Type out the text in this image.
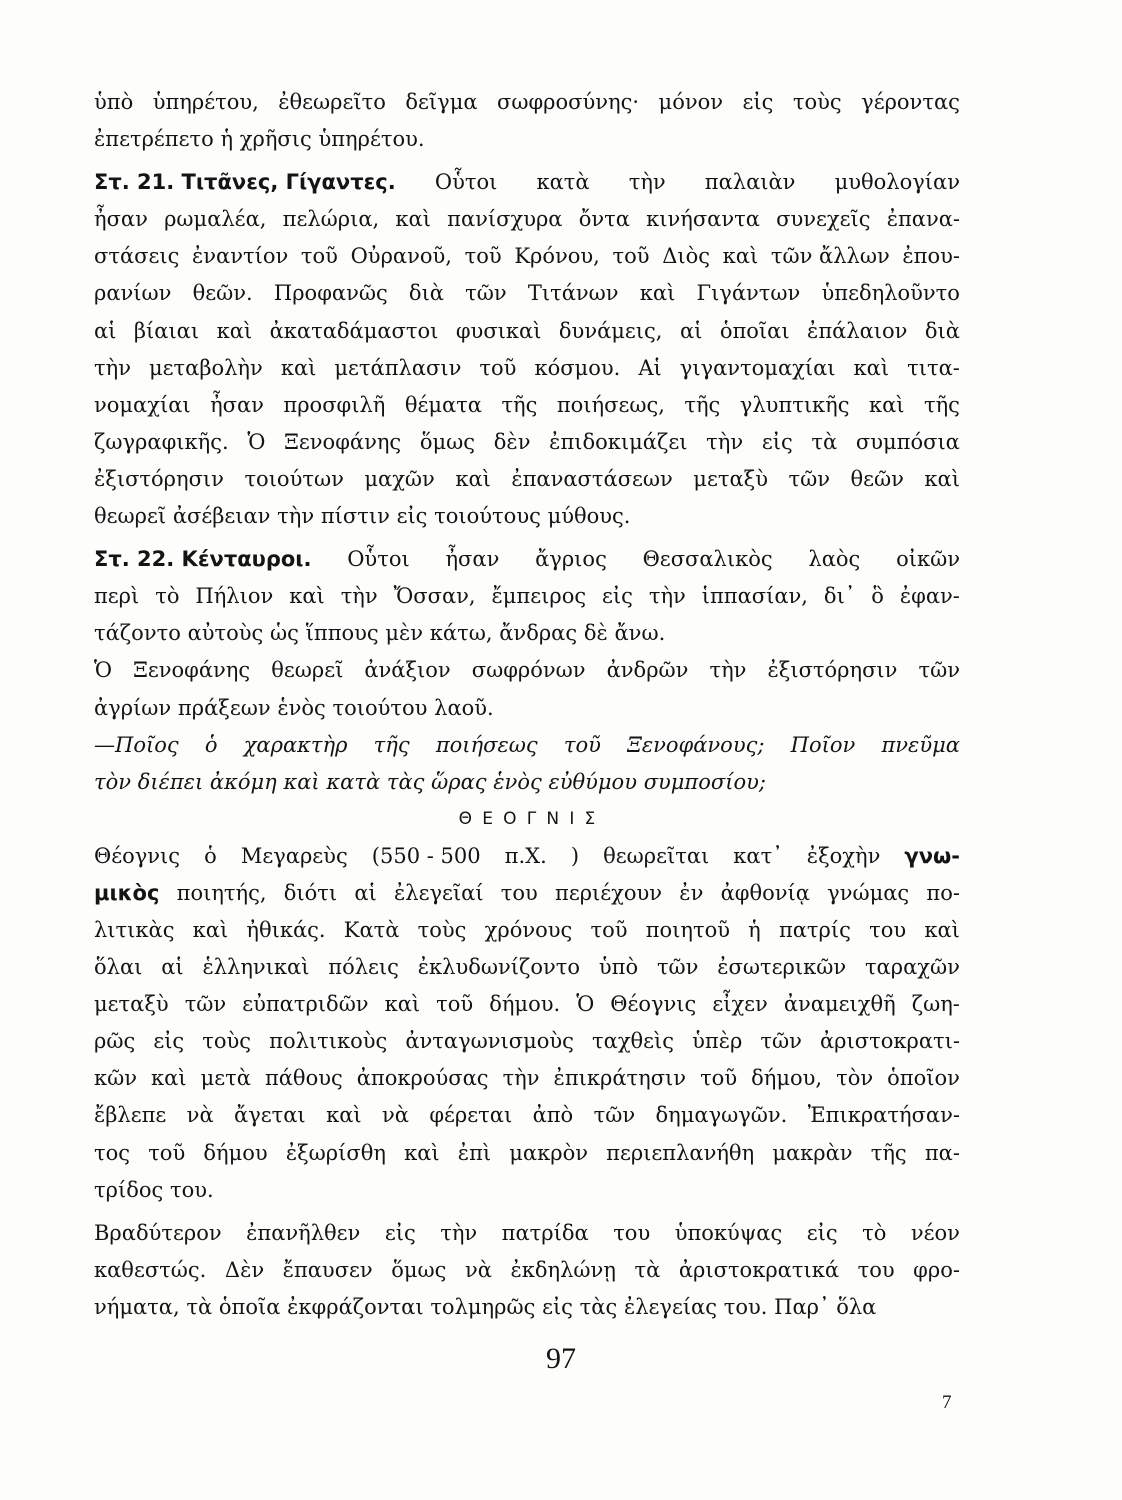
ὑπὸ ὑπηρέτου, ἐθεωρεῖτο δεῖγμα σωφροσύνης· μόνον εἰς τοὺς γέροντας
ἐπετρέπετο ἡ χρῆσις ὑπηρέτου.
Στ. 21. Τιτᾶνες, Γίγαντες. Οὗτοι κατὰ τὴν παλαιὰν μυθολογίαν
ἦσαν ρωμαλέα, πελώρια, καὶ πανίσχυρα ὄντα κινήσαντα συνεχεῖς ἐπανα-
στάσεις ἐναντίον τοῦ Οὐρανοῦ, τοῦ Κρόνου, τοῦ Διὸς καὶ τῶν ἄλλων ἐπου-
ρανίων θεῶν. Προφανῶς διὰ τῶν Τιτάνων καὶ Γιγάντων ὑπεδηλοῦντο
αἱ βίαιαι καὶ ἀκαταδάμαστοι φυσικαὶ δυνάμεις, αἱ ὁποῖαι ἐπάλαιον διὰ
τὴν μεταβολὴν καὶ μετάπλασιν τοῦ κόσμου. Αἱ γιγαντομαχίαι καὶ τιτα-
νομαχίαι ἦσαν προσφιλῆ θέματα τῆς ποιήσεως, τῆς γλυπτικῆς καὶ τῆς
ζωγραφικῆς. Ὁ Ξενοφάνης ὅμως δὲν ἐπιδοκιμάζει τὴν εἰς τὰ συμπόσια
ἐξιστόρησιν τοιούτων μαχῶν καὶ ἐπαναστάσεων μεταξὺ τῶν θεῶν καὶ
θεωρεῖ ἀσέβειαν τὴν πίστιν εἰς τοιούτους μύθους.
Στ. 22. Κένταυροι. Οὗτοι ἦσαν ἄγριος Θεσσαλικὸς λαὸς οἰκῶν
περὶ τὸ Πήλιον καὶ τὴν Ὄσσαν, ἔμπειρος εἰς τὴν ἱππασίαν, δι᾽ ὃ ἐφαν-
τάζοντο αὐτοὺς ὡς ἵππους μὲν κάτω, ἄνδρας δὲ ἄνω.
Ὁ Ξενοφάνης θεωρεῖ ἀνάξιον σωφρόνων ἀνδρῶν τὴν ἐξιστόρησιν τῶν
ἀγρίων πράξεων ἑνὸς τοιούτου λαοῦ.
—Ποῖος ὁ χαρακτὴρ τῆς ποιήσεως τοῦ Ξενοφάνους; Ποῖον πνεῦμα
τὸν διέπει ἀκόμη καὶ κατὰ τὰς ὥρας ἑνὸς εὐθύμου συμποσίου;
ΘΕΟΓΝΙΣ
Θέογνις ὁ Μεγαρεὺς (550 - 500 π.Χ. ) θεωρεῖται κατ᾽ ἐξοχὴν γνω-
μικὸς ποιητής, διότι αἱ ἐλεγεῖαί του περιέχουν ἐν ἀφθονίᾳ γνώμας πο-
λιτικὰς καὶ ἠθικάς. Κατὰ τοὺς χρόνους τοῦ ποιητοῦ ἡ πατρίς του καὶ
ὅλαι αἱ ἑλληνικαὶ πόλεις ἐκλυδωνίζοντο ὑπὸ τῶν ἐσωτερικῶν ταραχῶν
μεταξὺ τῶν εὐπατριδῶν καὶ τοῦ δήμου. Ὁ Θέογνις εἶχεν ἀναμειχθῆ ζωη-
ρῶς εἰς τοὺς πολιτικοὺς ἀνταγωνισμοὺς ταχθεὶς ὑπὲρ τῶν ἀριστοκρατι-
κῶν καὶ μετὰ πάθους ἀποκρούσας τὴν ἐπικράτησιν τοῦ δήμου, τὸν ὁποῖον
ἔβλεπε νὰ ἄγεται καὶ νὰ φέρεται ἀπὸ τῶν δημαγωγῶν. Ἐπικρατήσαν-
τος τοῦ δήμου ἐξωρίσθη καὶ ἐπὶ μακρὸν περιεπλανήθη μακρὰν τῆς πα-
τρίδος του.
Βραδύτερον ἐπανῆλθεν εἰς τὴν πατρίδα του ὑποκύψας εἰς τὸ νέον
καθεστώς. Δὲν ἔπαυσεν ὅμως νὰ ἐκδηλώνῃ τὰ ἀριστοκρατικά του φρο-
νήματα, τὰ ὁποῖα ἐκφράζονται τολμηρῶς εἰς τὰς ἐλεγείας του. Παρ᾽ ὅλα
97
7
